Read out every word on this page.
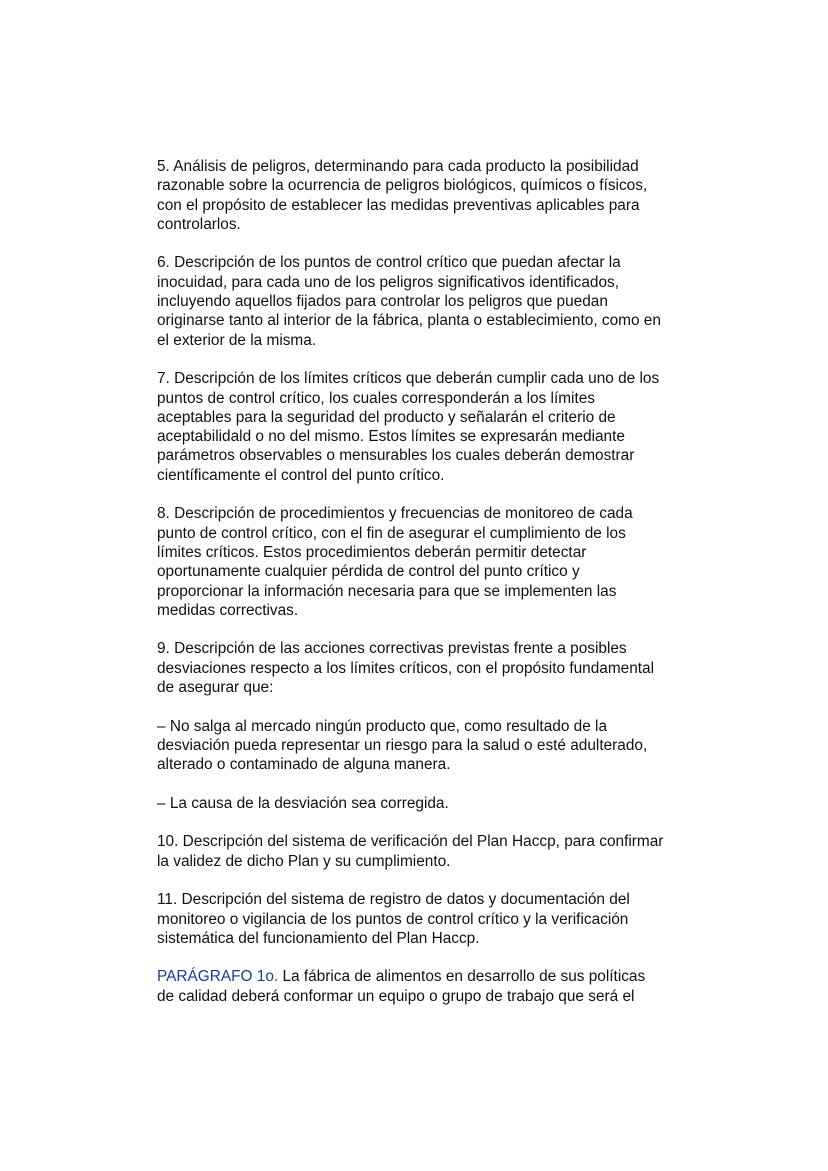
5. Análisis de peligros, determinando para cada producto la posibilidad
razonable sobre la ocurrencia de peligros biológicos, químicos o físicos,
con el propósito de establecer las medidas preventivas aplicables para
controlarlos.

6. Descripción de los puntos de control crítico que puedan afectar la
inocuidad, para cada uno de los peligros significativos identificados,
incluyendo aquellos fijados para controlar los peligros que puedan
originarse tanto al interior de la fábrica, planta o establecimiento, como en
el exterior de la misma.

7. Descripción de los límites críticos que deberán cumplir cada uno de los
puntos de control crítico, los cuales corresponderán a los límites
aceptables para la seguridad del producto y señalarán el criterio de
aceptabilidald o no del mismo. Estos límites se expresarán mediante
parámetros observables o mensurables los cuales deberán demostrar
científicamente el control del punto crítico.

8. Descripción de procedimientos y frecuencias de monitoreo de cada
punto de control crítico, con el fin de asegurar el cumplimiento de los
límites críticos. Estos procedimientos deberán permitir detectar
oportunamente cualquier pérdida de control del punto crítico y
proporcionar la información necesaria para que se implementen las
medidas correctivas.

9. Descripción de las acciones correctivas previstas frente a posibles
desviaciones respecto a los límites críticos, con el propósito fundamental
de asegurar que:

– No salga al mercado ningún producto que, como resultado de la
desviación pueda representar un riesgo para la salud o esté adulterado,
alterado o contaminado de alguna manera.

– La causa de la desviación sea corregida.

10. Descripción del sistema de verificación del Plan Haccp, para confirmar
la validez de dicho Plan y su cumplimiento.

11. Descripción del sistema de registro de datos y documentación del
monitoreo o vigilancia de los puntos de control crítico y la verificación
sistemática del funcionamiento del Plan Haccp.

PARÁGRAFO 1o. La fábrica de alimentos en desarrollo de sus políticas
de calidad deberá conformar un equipo o grupo de trabajo que será el
